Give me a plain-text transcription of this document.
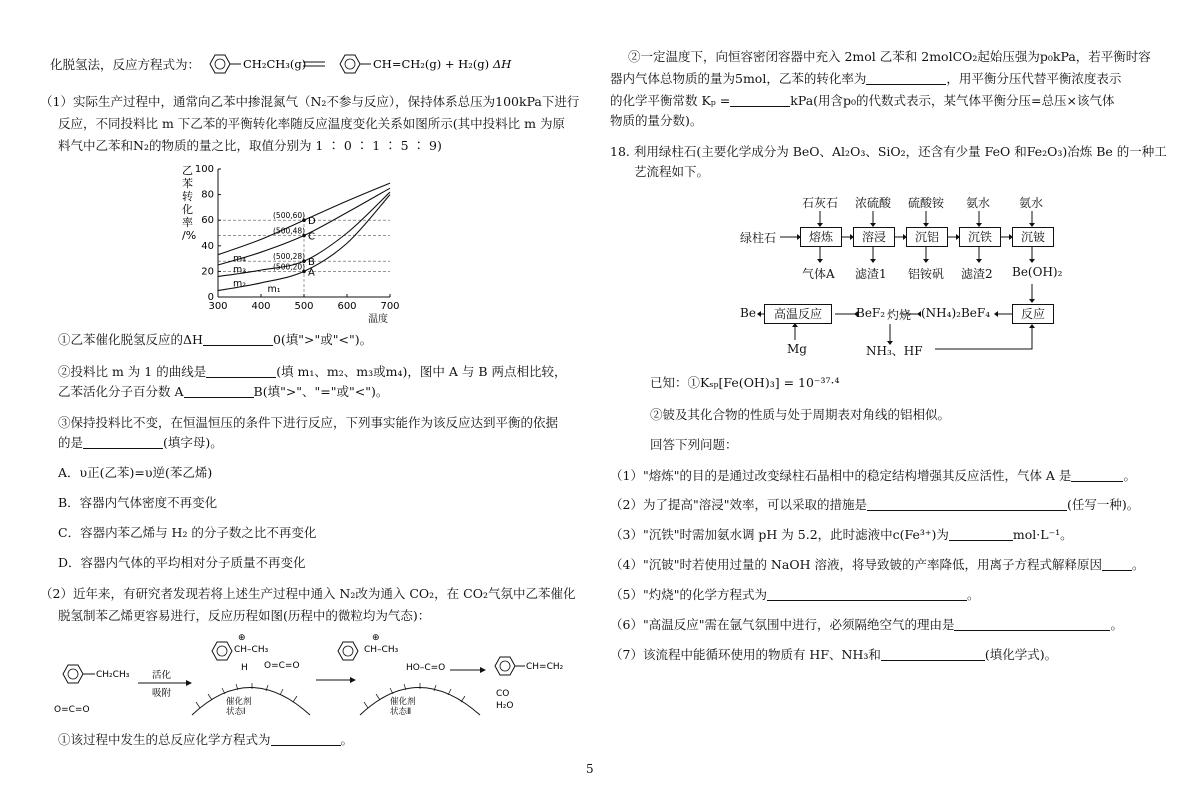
化脱氢法，反应方程式为：	CH₂CH₃(g)	CH=CH₂(g) + H₂(g) ΔH
（1）实际生产过程中，通常向乙苯中掺混氮气（N₂不参与反应），保持体系总压为100kPa下进行
反应，不同投料比 m 下乙苯的平衡转化率随反应温度变化关系如图所示(其中投料比 m 为原
料气中乙苯和N₂的物质的量之比，取值分别为 1 ∶ 0 ∶ 1 ∶ 5 ∶ 9)
乙
苯
转
化
率
/%
温度
0
20
40
60
80
100
300 400 500 600 700
m₄
m₃
m₂
m₁
D
(500,60)
C
(500,48)
B
(500,28)
A
(500,20)
①乙苯催化脱氢反应的ΔH	0(填">"或"<")。
②投料比 m 为 1 的曲线是	(填 m₁、m₂、m₃或m₄)，图中 A 与 B 两点相比较，
乙苯活化分子百分数 A	B(填">"、"="或"<")。
③保持投料比不变，在恒温恒压的条件下进行反应，下列事实能作为该反应达到平衡的依据
的是	(填字母)。
A．υ正(乙苯)=υ逆(苯乙烯)
B．容器内气体密度不再变化
C．容器内苯乙烯与 H₂ 的分子数之比不再变化
D．容器内气体的平均相对分子质量不再变化
（2）近年来，有研究者发现若将上述生产过程中通入 N₂改为通入 CO₂，在 CO₂气氛中乙苯催化
脱氢制苯乙烯更容易进行，反应历程如图(历程中的微粒均为气态)：
CH₂CH₃
O=C=O
活化
吸附
⊕
CH–CH₃
H O=C=O
催化剂
状态Ⅰ
⊕
CH–CH₃
HO–C=O
催化剂
状态Ⅱ
CH=CH₂
CO
H₂O
①该过程中发生的总反应化学方程式为	。
②一定温度下，向恒容密闭容器中充入 2mol 乙苯和 2molCO₂起始压强为p₀kPa，若平衡时容
器内气体总物质的量为5mol，乙苯的转化率为	，用平衡分压代替平衡浓度表示
的化学平衡常数 Kₚ =	kPa(用含p₀的代数式表示，某气体平衡分压=总压×该气体
物质的量分数)。
18. 利用绿柱石(主要化学成分为 BeO、Al₂O₃、SiO₂，还含有少量 FeO 和Fe₂O₃)冶炼 Be 的一种工
艺流程如下。
石灰石 浓硫酸 硫酸铵 氨水 氨水
绿柱石	熔炼	溶浸	沉铝	沉铁	沉铍
气体A 滤渣1 铝铵矾 滤渣2 Be(OH)₂
Be	高温反应	BeF₂ 灼烧 (NH₄)₂BeF₄	反应
Mg	NH₃、HF
已知：①Kₛₚ[Fe(OH)₃] = 10⁻³⁷·⁴
②铍及其化合物的性质与处于周期表对角线的铝相似。
回答下列问题：
（1）"熔炼"的目的是通过改变绿柱石晶相中的稳定结构增强其反应活性，气体 A 是	。
（2）为了提高"溶浸"效率，可以采取的措施是	(任写一种)。
（3）"沉铁"时需加氨水调 pH 为 5.2，此时滤液中c(Fe³⁺)为	mol·L⁻¹。
（4）"沉铍"时若使用过量的 NaOH 溶液，将导致铍的产率降低，用离子方程式解释原因 。
（5）"灼烧"的化学方程式为	。
（6）"高温反应"需在氩气氛围中进行，必须隔绝空气的理由是	。
（7）该流程中能循环使用的物质有 HF、NH₃和	(填化学式)。
5
